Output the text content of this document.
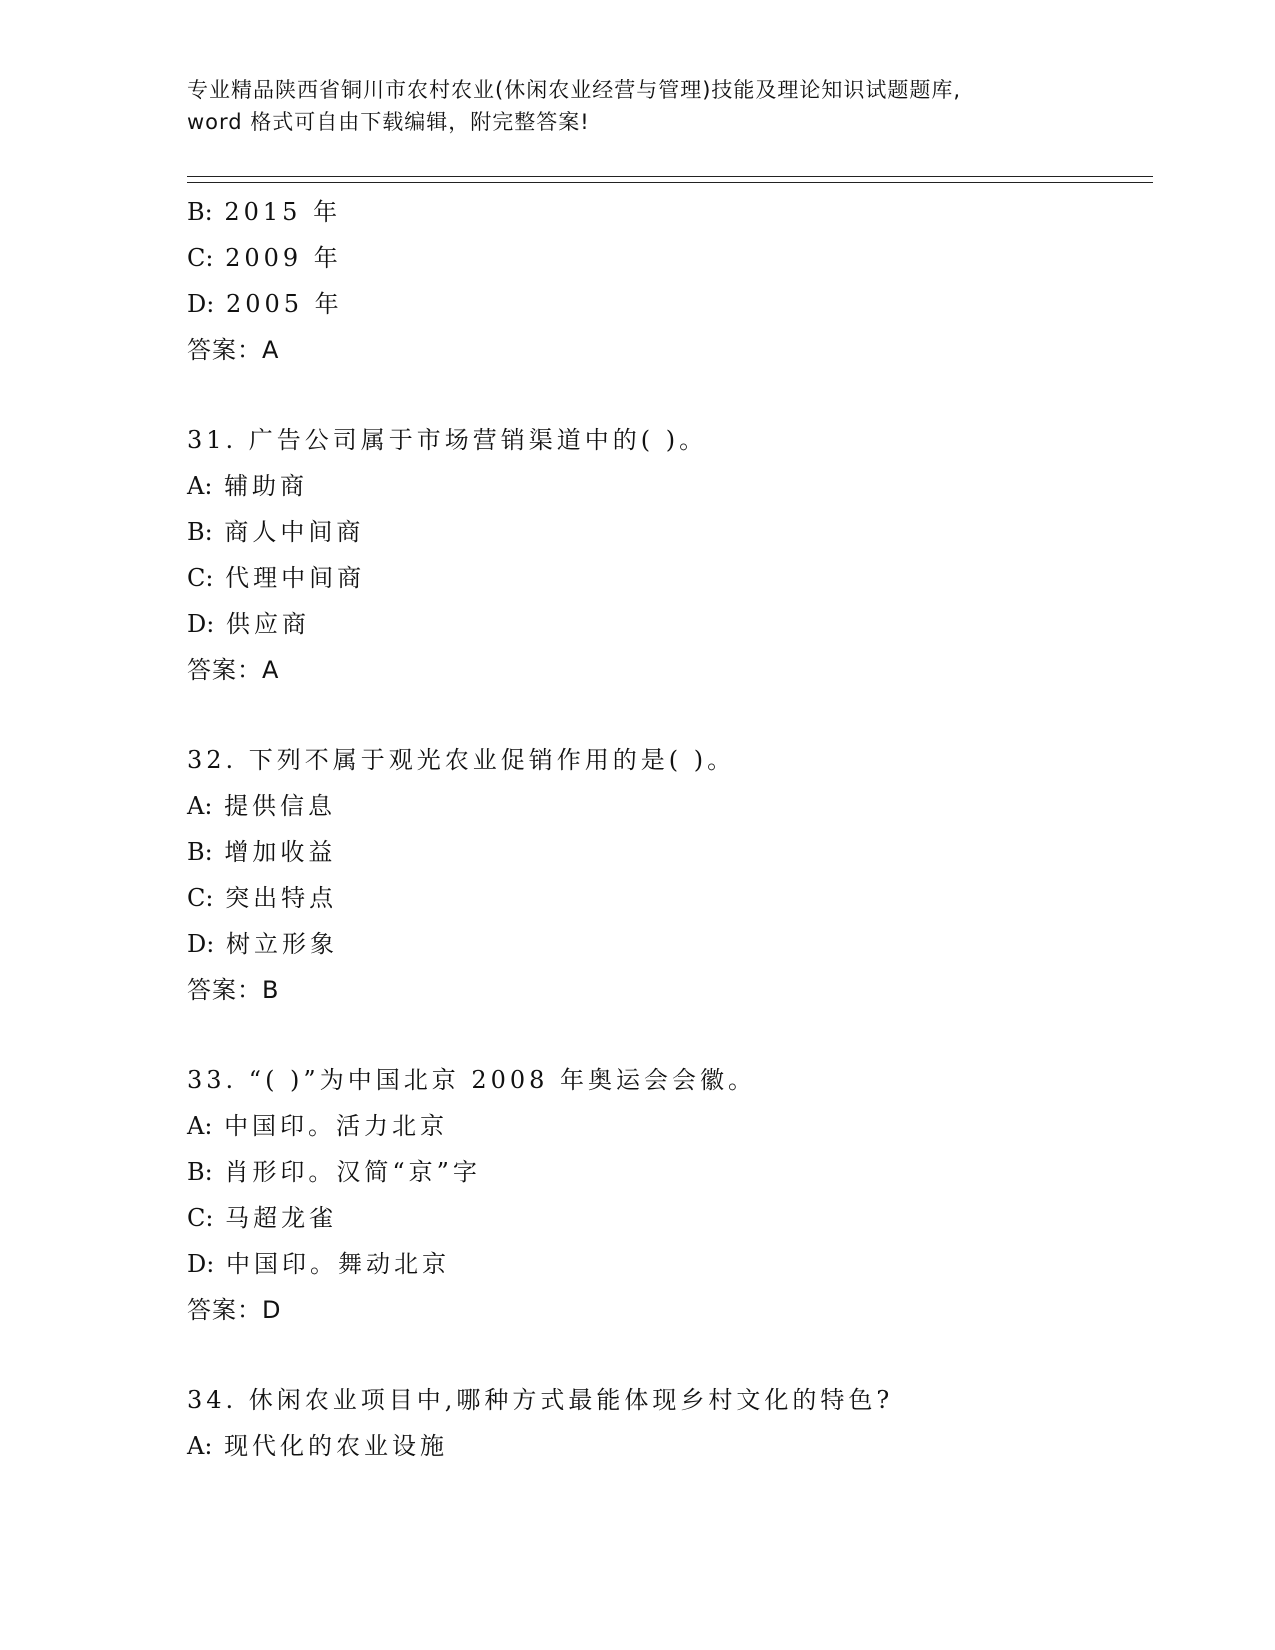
专业精品陕西省铜川市农村农业(休闲农业经营与管理)技能及理论知识试题题库,
word 格式可自由下载编辑，附完整答案!
B: 2015 年
C: 2009 年
D: 2005 年
答案：A
31. 广告公司属于市场营销渠道中的( )。
A: 辅助商
B: 商人中间商
C: 代理中间商
D: 供应商
答案：A
32. 下列不属于观光农业促销作用的是( )。
A: 提供信息
B: 增加收益
C: 突出特点
D: 树立形象
答案：B
33. “( )”为中国北京 2008 年奥运会会徽。
A: 中国印。活力北京
B: 肖形印。汉简“京”字
C: 马超龙雀
D: 中国印。舞动北京
答案：D
34. 休闲农业项目中,哪种方式最能体现乡村文化的特色?
A: 现代化的农业设施
